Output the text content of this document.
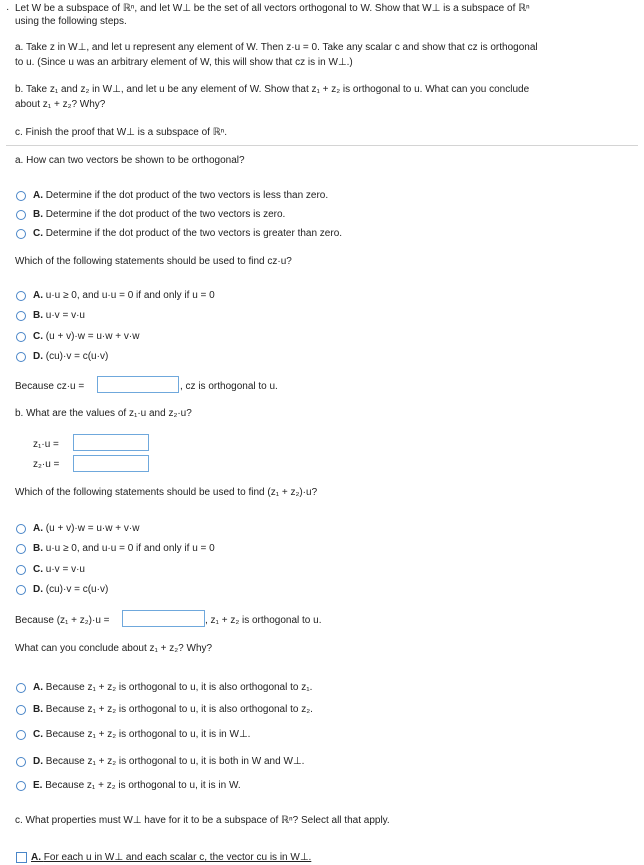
· Let W be a subspace of ℝⁿ, and let W⊥ be the set of all vectors orthogonal to W. Show that W⊥ is a subspace of ℝⁿ
using the following steps.
a. Take z in W⊥, and let u represent any element of W. Then z·u = 0. Take any scalar c and show that cz is orthogonal
to u. (Since u was an arbitrary element of W, this will show that cz is in W⊥.)
b. Take z₁ and z₂ in W⊥, and let u be any element of W. Show that z₁ + z₂ is orthogonal to u. What can you conclude
about z₁ + z₂? Why?
c. Finish the proof that W⊥ is a subspace of ℝⁿ.
a. How can two vectors be shown to be orthogonal?
A. Determine if the dot product of the two vectors is less than zero.
B. Determine if the dot product of the two vectors is zero.
C. Determine if the dot product of the two vectors is greater than zero.
Which of the following statements should be used to find cz·u?
A. u·u ≥ 0, and u·u = 0 if and only if u = 0
B. u·v = v·u
C. (u + v)·w = u·w + v·w
D. (cu)·v = c(u·v)
Because cz·u =	, cz is orthogonal to u.
b. What are the values of z₁·u and z₂·u?
z₁·u =
z₂·u =
Which of the following statements should be used to find (z₁ + z₂)·u?
A. (u + v)·w = u·w + v·w
B. u·u ≥ 0, and u·u = 0 if and only if u = 0
C. u·v = v·u
D. (cu)·v = c(u·v)
Because (z₁ + z₂)·u =	, z₁ + z₂ is orthogonal to u.
What can you conclude about z₁ + z₂? Why?
A. Because z₁ + z₂ is orthogonal to u, it is also orthogonal to z₁.
B. Because z₁ + z₂ is orthogonal to u, it is also orthogonal to z₂.
C. Because z₁ + z₂ is orthogonal to u, it is in W⊥.
D. Because z₁ + z₂ is orthogonal to u, it is both in W and W⊥.
E. Because z₁ + z₂ is orthogonal to u, it is in W.
c. What properties must W⊥ have for it to be a subspace of ℝⁿ? Select all that apply.
A. For each u in W⊥ and each scalar c, the vector cu is in W⊥.
